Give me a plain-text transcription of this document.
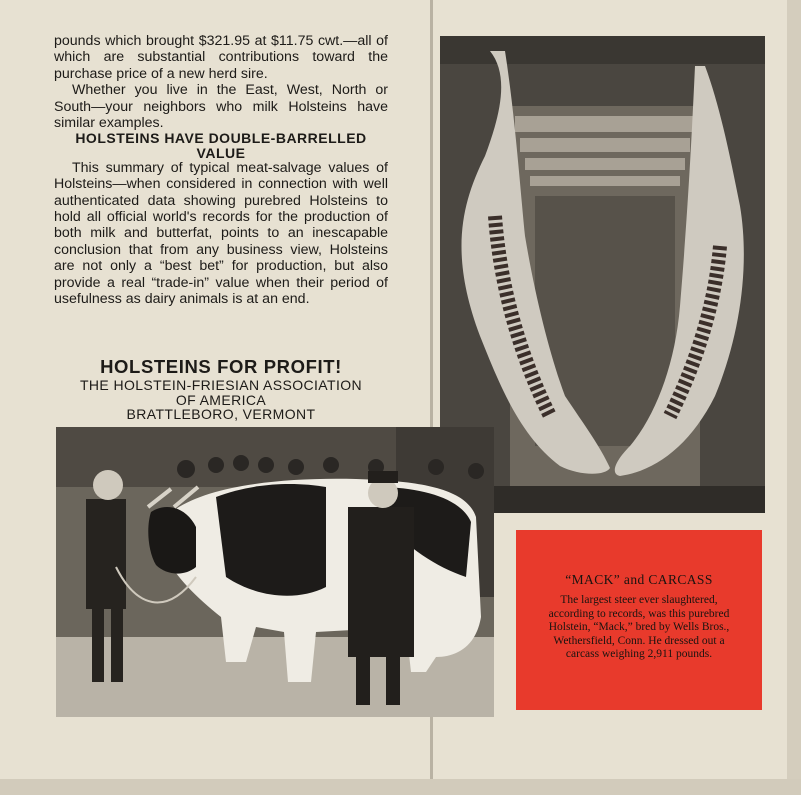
pounds which brought $321.95 at $11.75 cwt.—all of which are substantial contributions toward the purchase price of a new herd sire.

Whether you live in the East, West, North or South—your neighbors who milk Holsteins have similar examples.

HOLSTEINS HAVE DOUBLE-BARRELLED VALUE

This summary of typical meat-salvage values of Holsteins—when considered in connection with well authenticated data showing purebred Holsteins to hold all official world's records for the production of both milk and butterfat, points to an inescapable conclusion that from any business view, Holsteins are not only a “best bet” for production, but also provide a real “trade-in” value when their period of usefulness as dairy animals is at an end.

HOLSTEINS FOR PROFIT!
THE HOLSTEIN-FRIESIAN ASSOCIATION
OF AMERICA
BRATTLEBORO, VERMONT
“MACK” and CARCASS
The largest steer ever slaughtered, according to records, was this purebred Holstein, “Mack,” bred by Wells Bros., Wethersfield, Conn. He dressed out a carcass weighing 2,911 pounds.
